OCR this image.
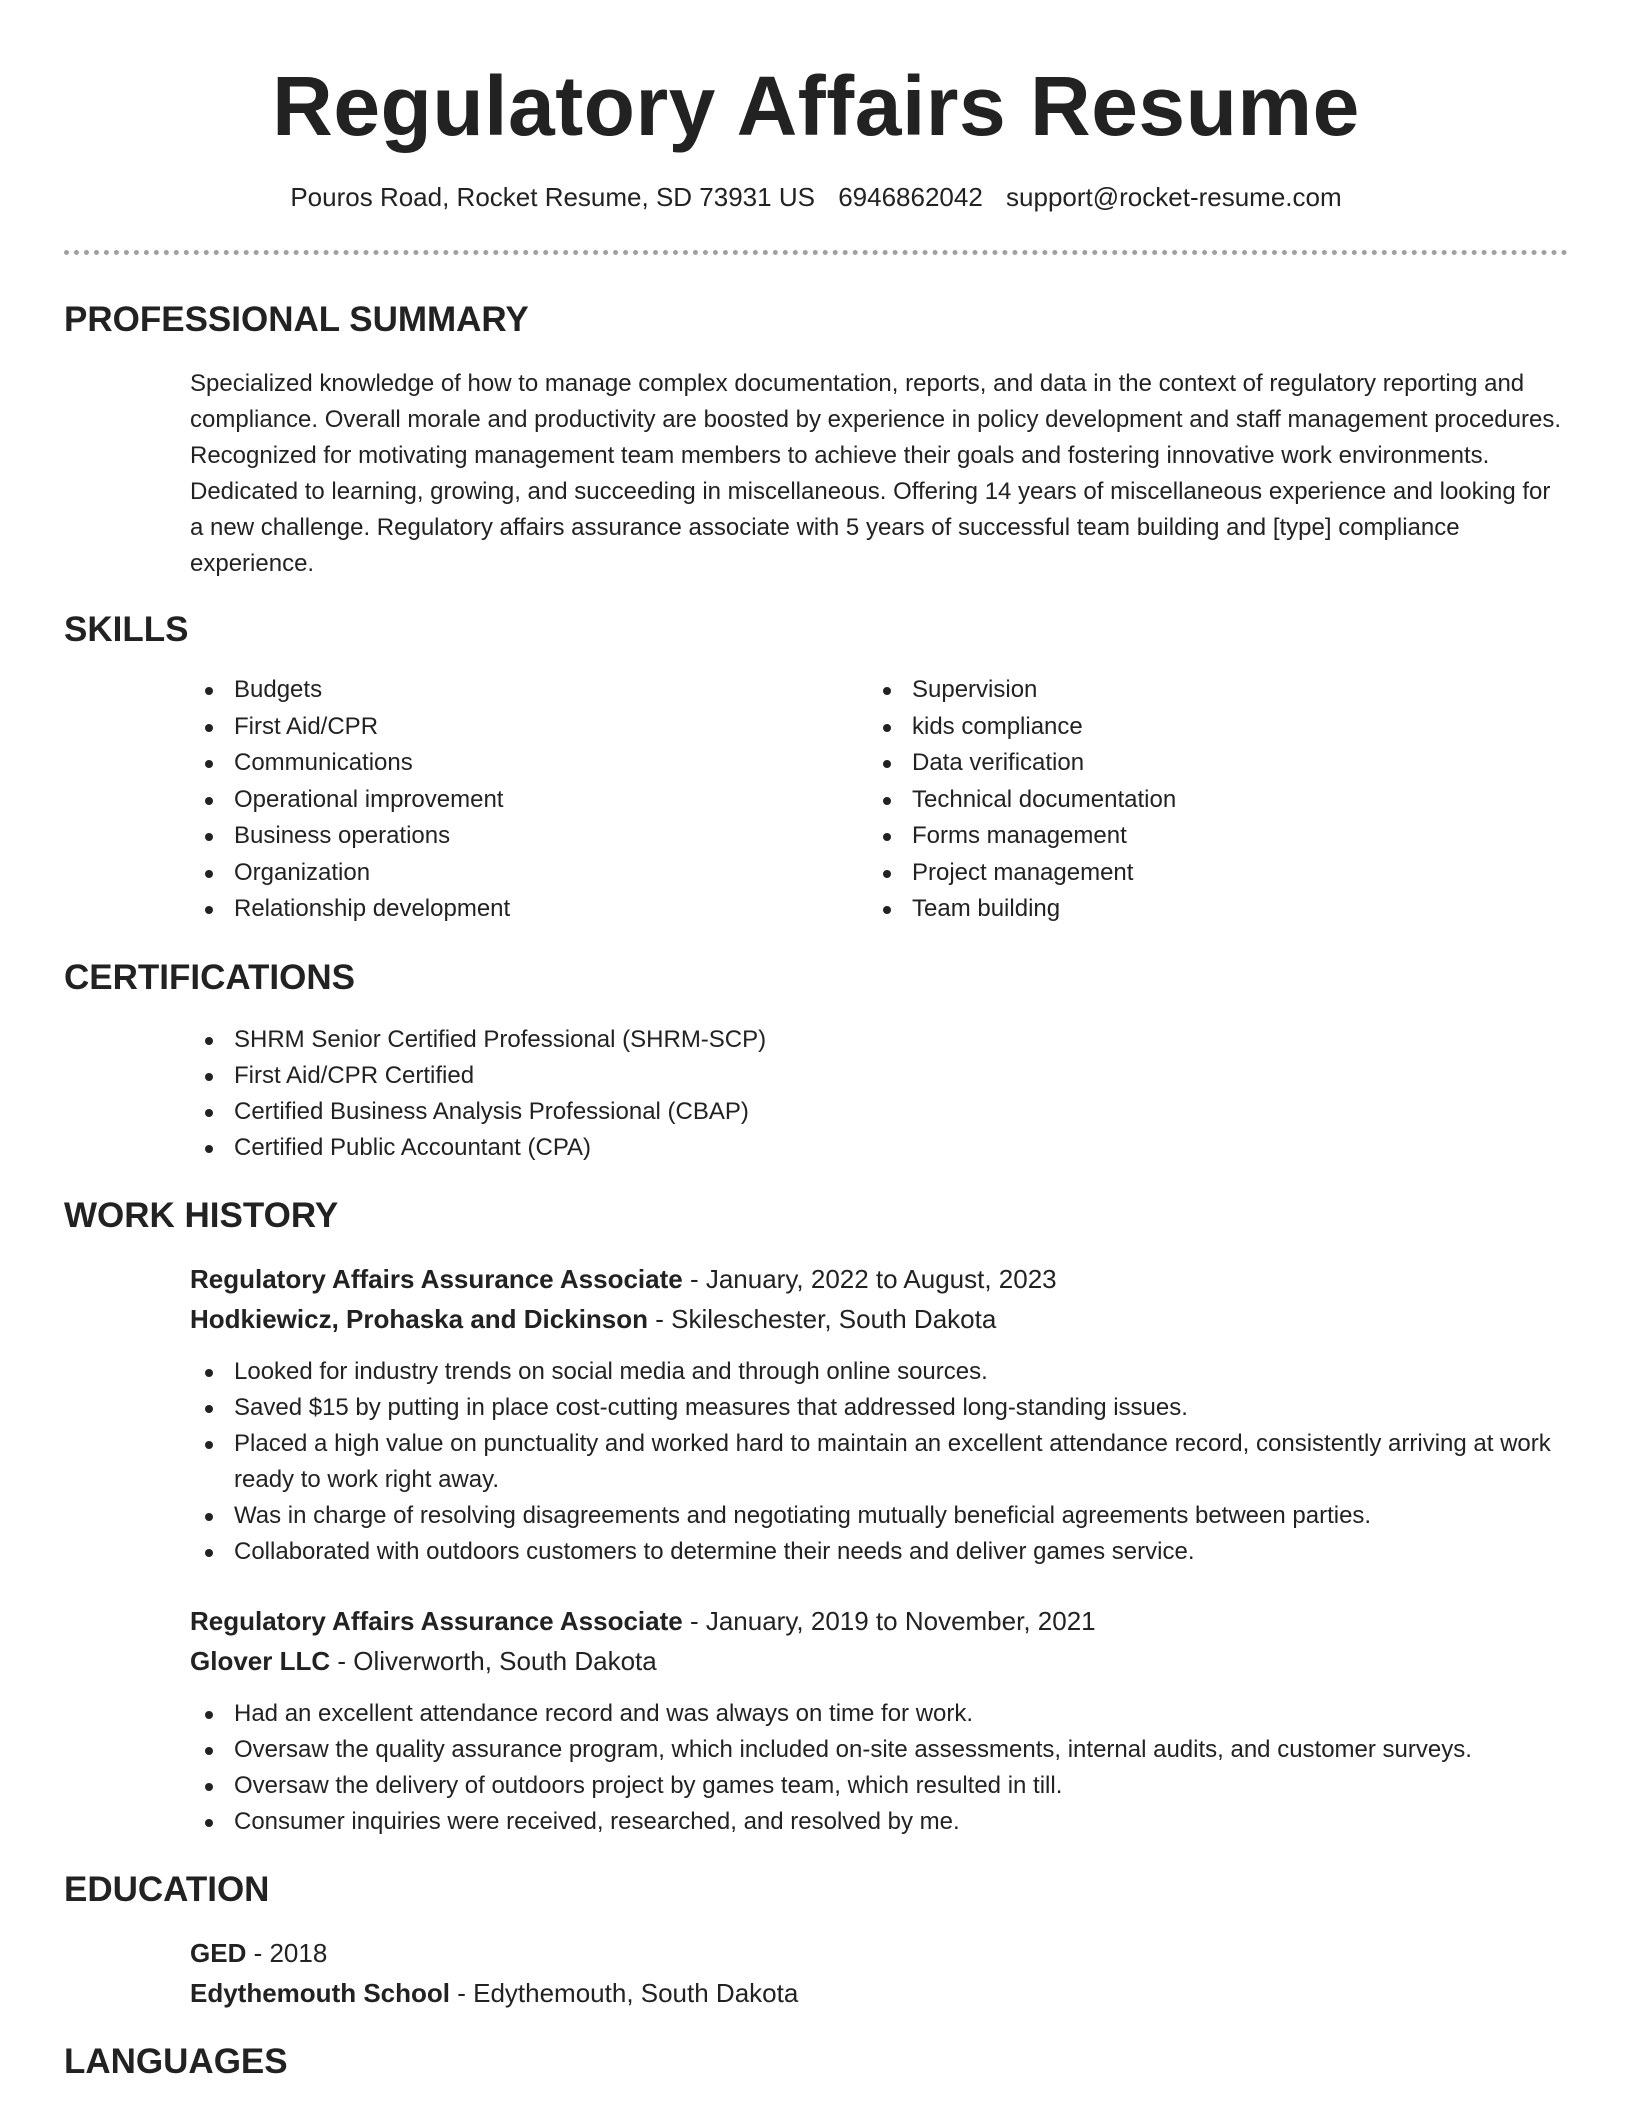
Regulatory Affairs Resume
Pouros Road, Rocket Resume, SD 73931 US 6946862042 support@rocket-resume.com
PROFESSIONAL SUMMARY

Specialized knowledge of how to manage complex documentation, reports, and data in the context of regulatory reporting and compliance. Overall morale and productivity are boosted by experience in policy development and staff management procedures. Recognized for motivating management team members to achieve their goals and fostering innovative work environments. Dedicated to learning, growing, and succeeding in miscellaneous. Offering 14 years of miscellaneous experience and looking for a new challenge. Regulatory affairs assurance associate with 5 years of successful team building and [type] compliance experience.

SKILLS
Budgets
First Aid/CPR
Communications
Operational improvement
Business operations
Organization
Relationship development
Supervision
kids compliance
Data verification
Technical documentation
Forms management
Project management
Team building
CERTIFICATIONS
SHRM Senior Certified Professional (SHRM-SCP)
First Aid/CPR Certified
Certified Business Analysis Professional (CBAP)
Certified Public Accountant (CPA)
WORK HISTORY
Regulatory Affairs Assurance Associate - January, 2022 to August, 2023
Hodkiewicz, Prohaska and Dickinson - Skileschester, South Dakota
Looked for industry trends on social media and through online sources.
Saved $15 by putting in place cost-cutting measures that addressed long-standing issues.
Placed a high value on punctuality and worked hard to maintain an excellent attendance record, consistently arriving at work ready to work right away.
Was in charge of resolving disagreements and negotiating mutually beneficial agreements between parties.
Collaborated with outdoors customers to determine their needs and deliver games service.
Regulatory Affairs Assurance Associate - January, 2019 to November, 2021
Glover LLC - Oliverworth, South Dakota
Had an excellent attendance record and was always on time for work.
Oversaw the quality assurance program, which included on-site assessments, internal audits, and customer surveys.
Oversaw the delivery of outdoors project by games team, which resulted in till.
Consumer inquiries were received, researched, and resolved by me.
EDUCATION
GED - 2018
Edythemouth School - Edythemouth, South Dakota
LANGUAGES
